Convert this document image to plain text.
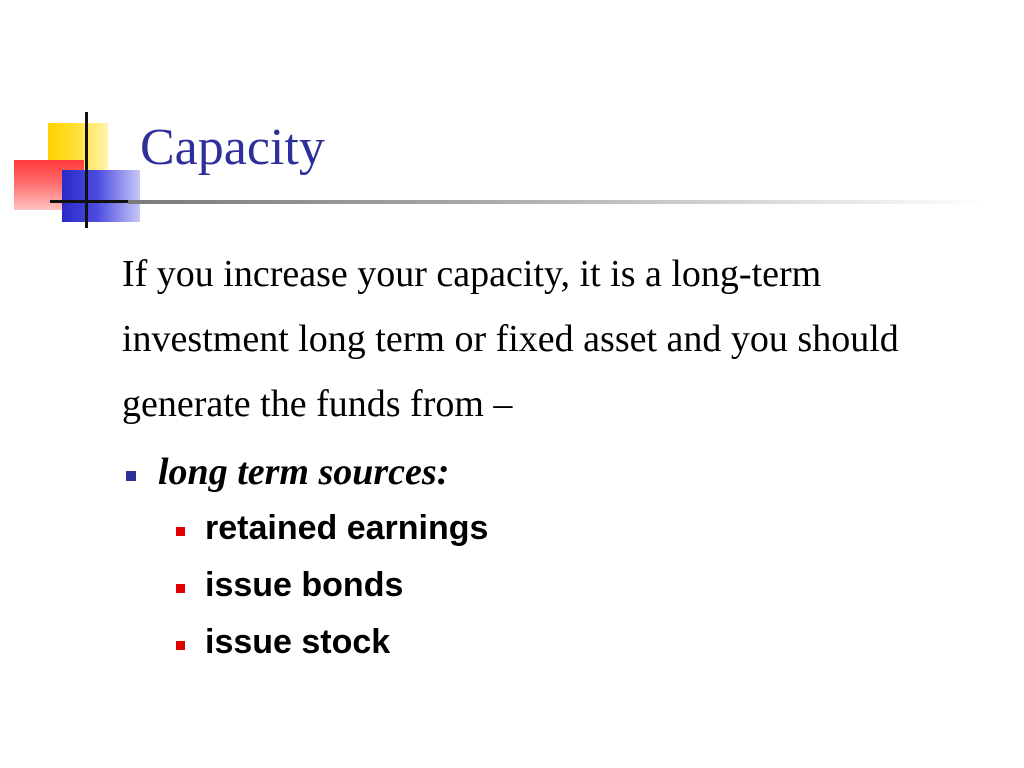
Capacity

If you increase your capacity, it is a long-term investment long term or fixed asset and you should generate the funds from –

long term sources:
retained earnings
issue bonds
issue stock
